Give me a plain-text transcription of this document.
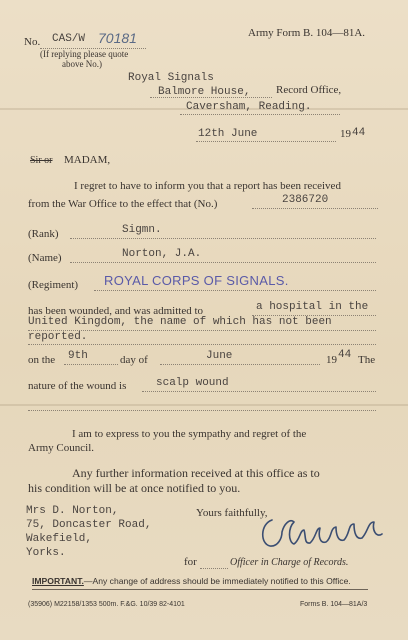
No. CAS/W 70181
(If replying please quote
above No.)
Army Form B. 104—81A.
Royal Signals
Balmore House, Record Office,
Caversham, Reading.
12th June	19 44
Sir or MADAM,
I regret to have to inform you that a report has been received
from the War Office to the effect that (No.)	2386720
(Rank)	Sigmn.
(Name)	Norton, J.A.
(Regiment) ROYAL CORPS OF SIGNALS.
has been wounded, and was admitted to	a hospital in the
United Kingdom, the name of which has not been
reported.
on the 9th	day of	June	19 44 The
nature of the wound is	scalp wound
I am to express to you the sympathy and regret of the
Army Council.
Any further information received at this office as to
his condition will be at once notified to you.
Mrs D. Norton,
75, Doncaster Road,
Wakefield,
Yorks.
Yours faithfully,
for	Officer in Charge of Records.
IMPORTANT.—Any change of address should be immediately notified to this Office.
(35906) M22158/1353 500m. F.&G. 10/39 82-4101	Forms B. 104—81A/3
